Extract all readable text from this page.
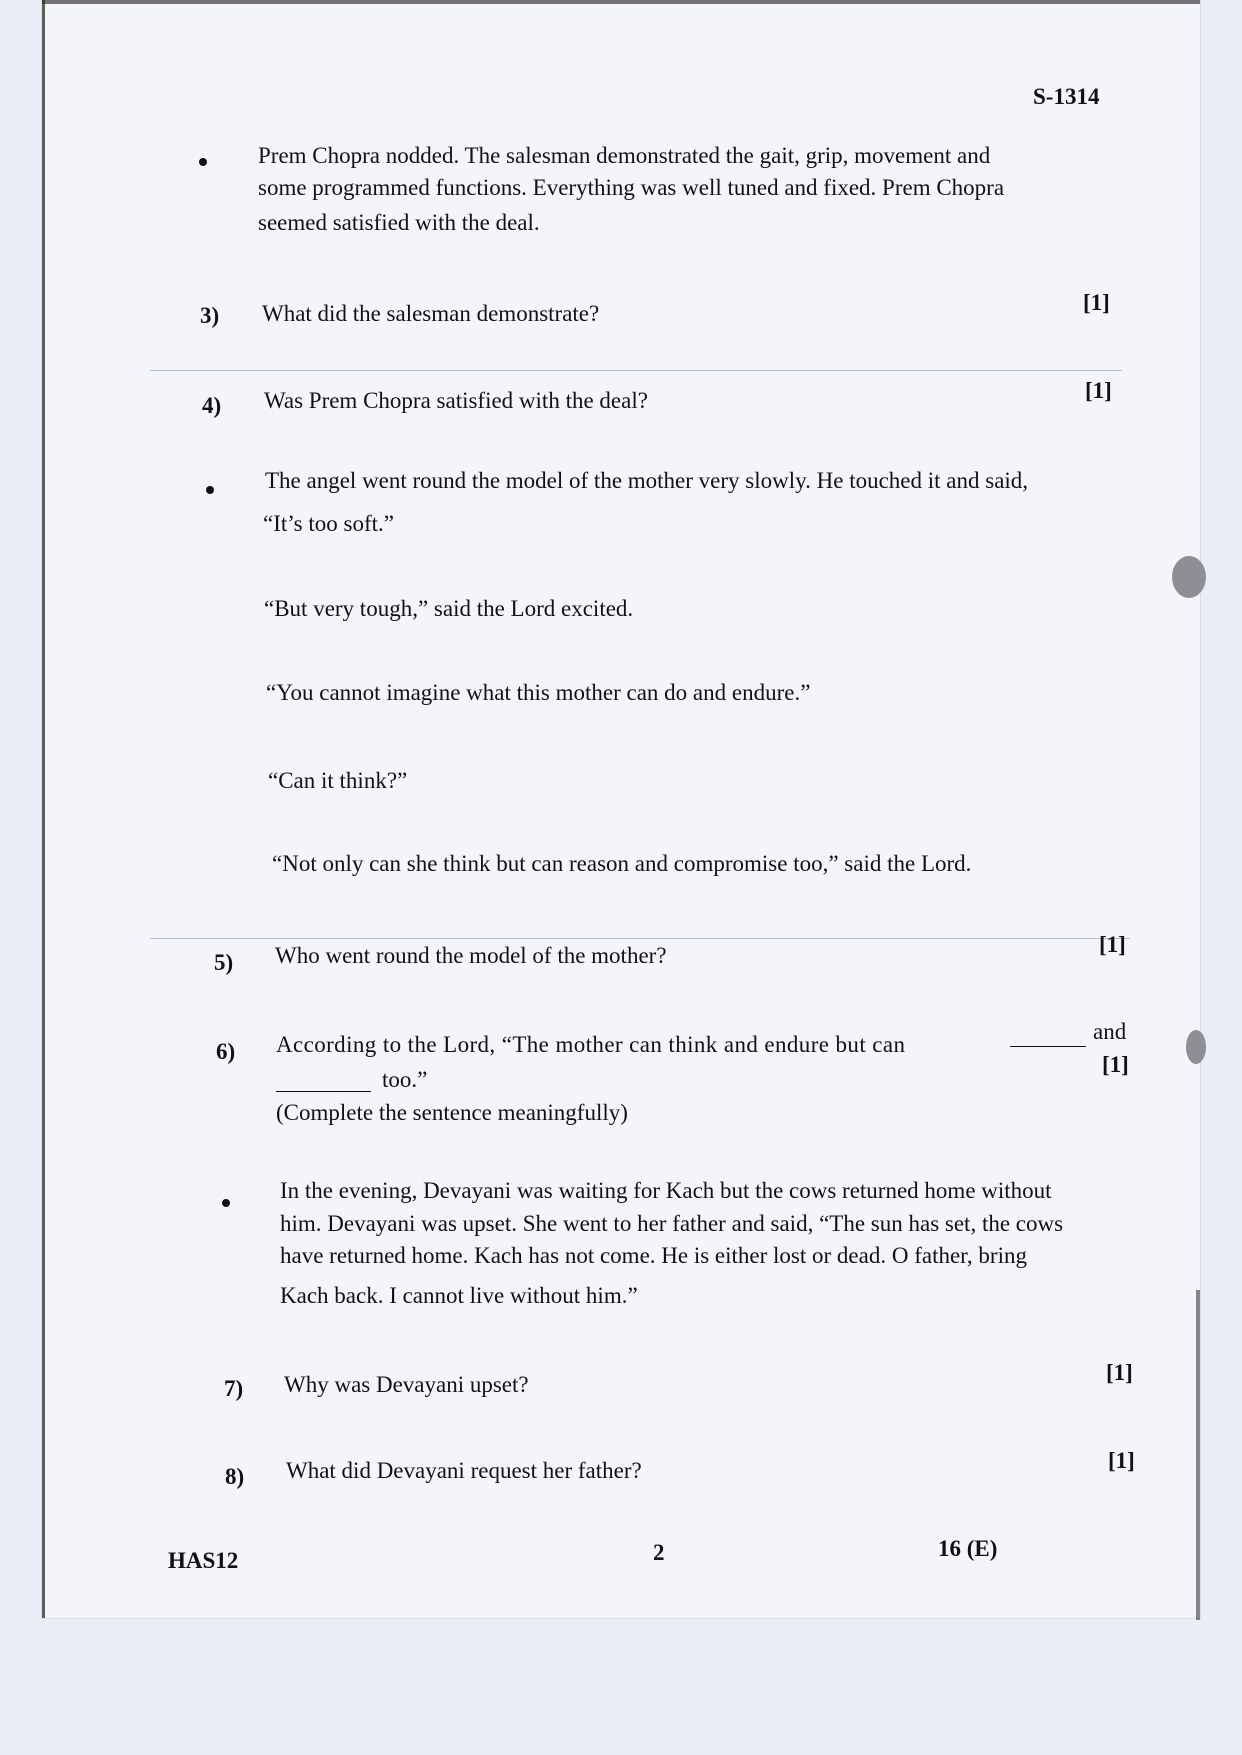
S-1314
Prem Chopra nodded. The salesman demonstrated the gait, grip, movement and
some programmed functions. Everything was well tuned and fixed. Prem Chopra
seemed satisfied with the deal.
3) What did the salesman demonstrate?	[1]
4) Was Prem Chopra satisfied with the deal?	[1]
The angel went round the model of the mother very slowly. He touched it and said,
“It’s too soft.”
“But very tough,” said the Lord excited.
“You cannot imagine what this mother can do and endure.”
“Can it think?”
“Not only can she think but can reason and compromise too,” said the Lord.
5) Who went round the model of the mother?	[1]
6) According to the Lord, “The mother can think and endure but can
and
too.”
(Complete the sentence meaningfully)
[1]
In the evening, Devayani was waiting for Kach but the cows returned home without
him. Devayani was upset. She went to her father and said, “The sun has set, the cows
have returned home. Kach has not come. He is either lost or dead. O father, bring
Kach back. I cannot live without him.”
7) Why was Devayani upset?	[1]
8) What did Devayani request her father?	[1]
HAS12	2	16 (E)
